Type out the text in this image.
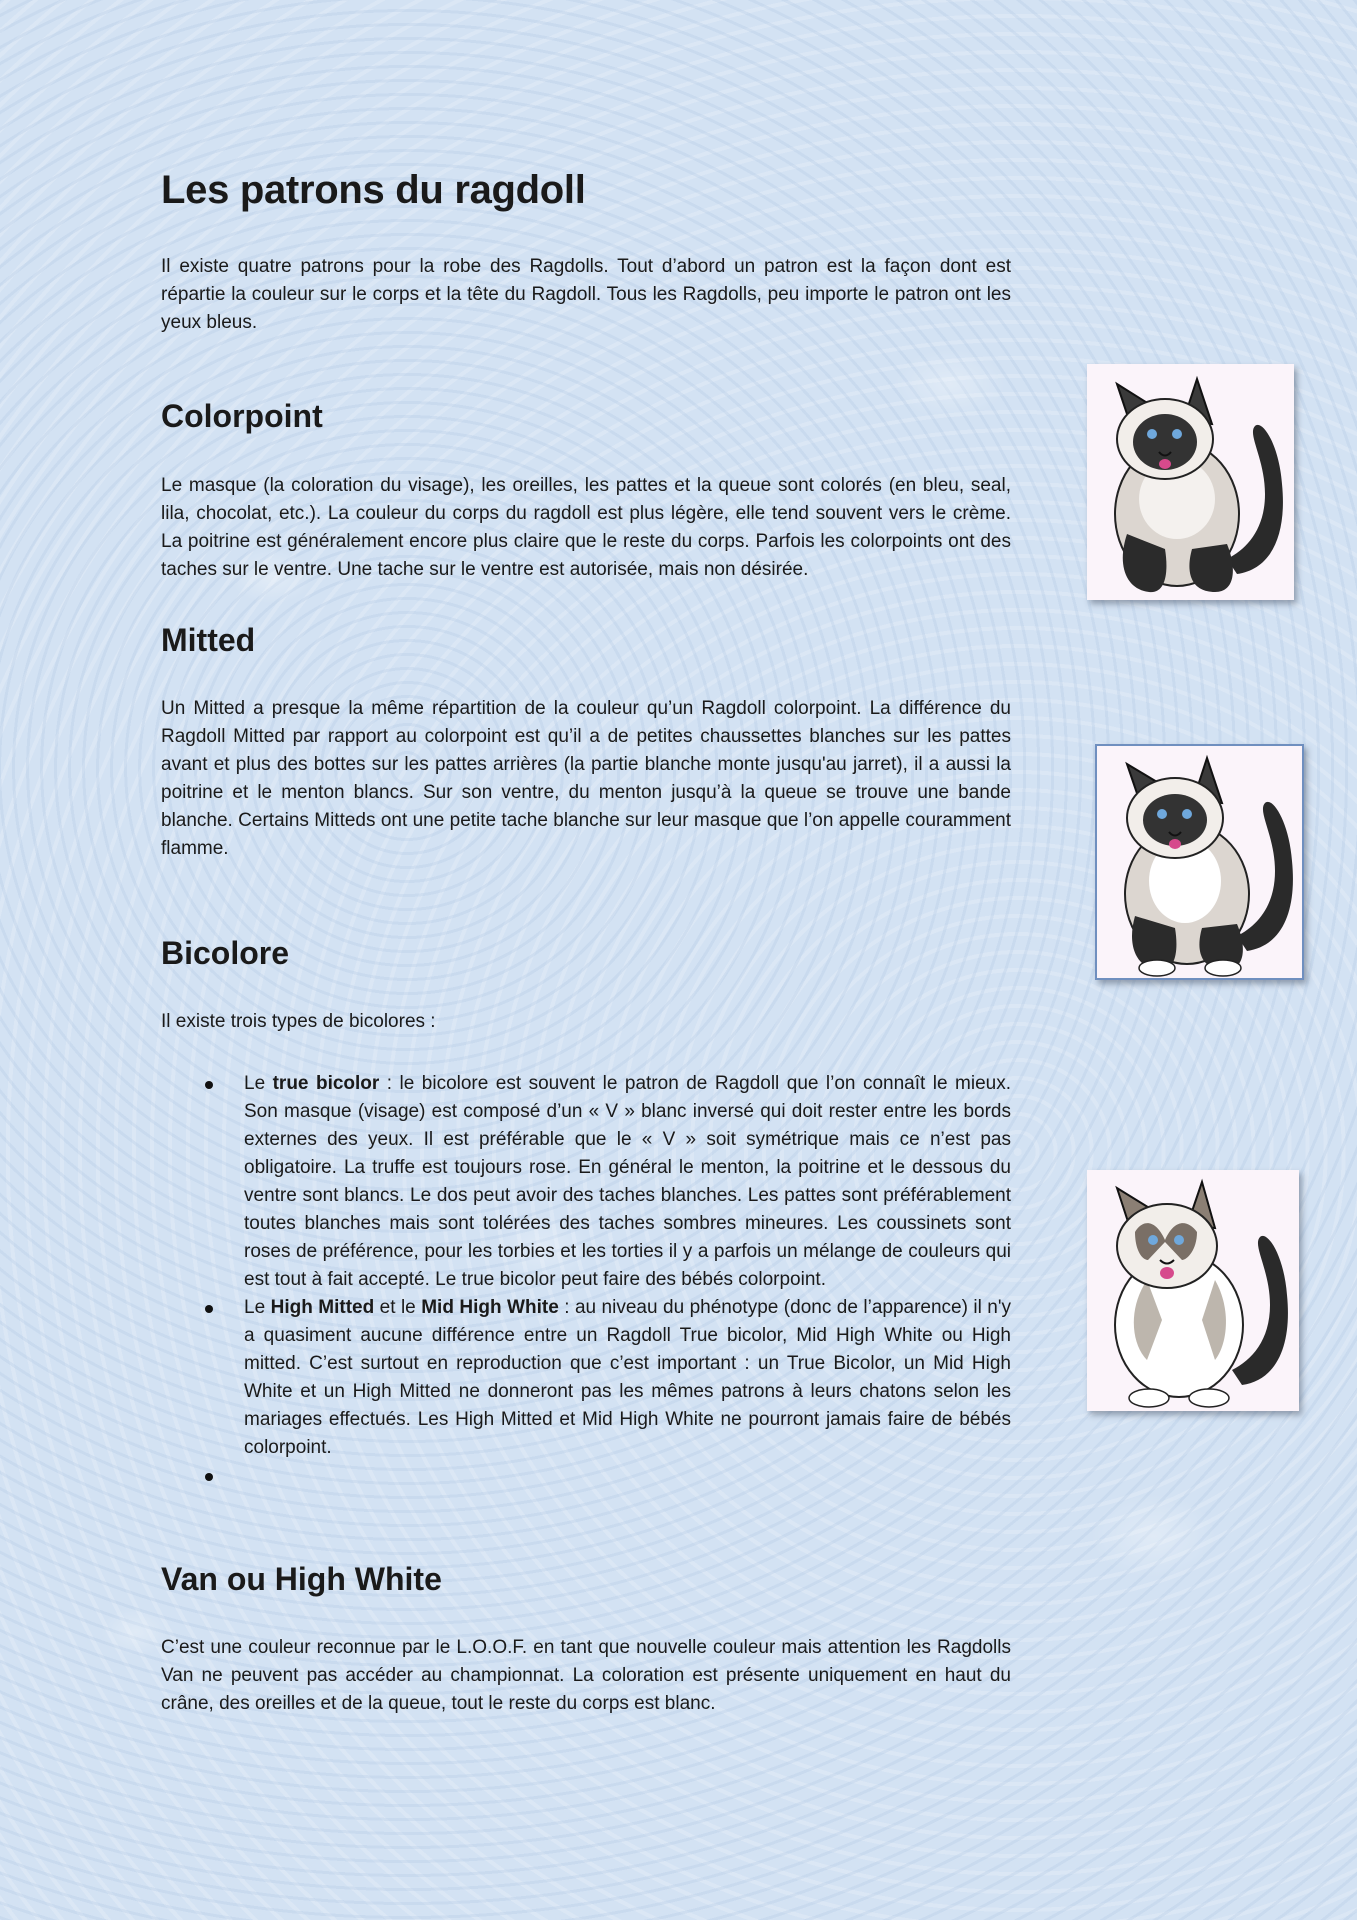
Les patrons du ragdoll

Il existe quatre patrons pour la robe des Ragdolls. Tout d’abord un patron est la façon dont est répartie la couleur sur le corps et la tête du Ragdoll. Tous les Ragdolls, peu importe le patron ont les yeux bleus.

Colorpoint

Le masque (la coloration du visage), les oreilles, les pattes et la queue sont colorés (en bleu, seal, lila, chocolat, etc.). La couleur du corps du ragdoll est plus légère, elle tend souvent vers le crème. La poitrine est généralement encore plus claire que le reste du corps. Parfois les colorpoints ont des taches sur le ventre. Une tache sur le ventre est autorisée, mais non désirée.

Mitted

Un Mitted a presque la même répartition de la couleur qu’un Ragdoll colorpoint. La différence du Ragdoll Mitted par rapport au colorpoint est qu’il a de petites chaussettes blanches sur les pattes avant et plus des bottes sur les pattes arrières (la partie blanche monte jusqu'au jarret), il a aussi la poitrine et le menton blancs. Sur son ventre, du menton jusqu’à la queue se trouve une bande blanche. Certains Mitteds ont une petite tache blanche sur leur masque que l’on appelle couramment flamme.

Bicolore

Il existe trois types de bicolores :

Le true bicolor : le bicolore est souvent le patron de Ragdoll que l’on connaît le mieux. Son masque (visage) est composé d’un « V » blanc inversé qui doit rester entre les bords externes des yeux. Il est préférable que le « V » soit symétrique mais ce n’est pas obligatoire. La truffe est toujours rose. En général le menton, la poitrine et le dessous du ventre sont blancs. Le dos peut avoir des taches blanches. Les pattes sont préférablement toutes blanches mais sont tolérées des taches sombres mineures. Les coussinets sont roses de préférence, pour les torbies et les torties il y a parfois un mélange de couleurs qui est tout à fait accepté. Le true bicolor peut faire des bébés colorpoint.
Le High Mitted et le Mid High White : au niveau du phénotype (donc de l’apparence) il n'y a quasiment aucune différence entre un Ragdoll True bicolor, Mid High White ou High mitted. C’est surtout en reproduction que c’est important : un True Bicolor, un Mid High White et un High Mitted ne donneront pas les mêmes patrons à leurs chatons selon les mariages effectués. Les High Mitted et Mid High White ne pourront jamais faire de bébés colorpoint.
Van ou High White

C’est une couleur reconnue par le L.O.O.F. en tant que nouvelle couleur mais attention les Ragdolls Van ne peuvent pas accéder au championnat. La coloration est présente uniquement en haut du crâne, des oreilles et de la queue, tout le reste du corps est blanc.
